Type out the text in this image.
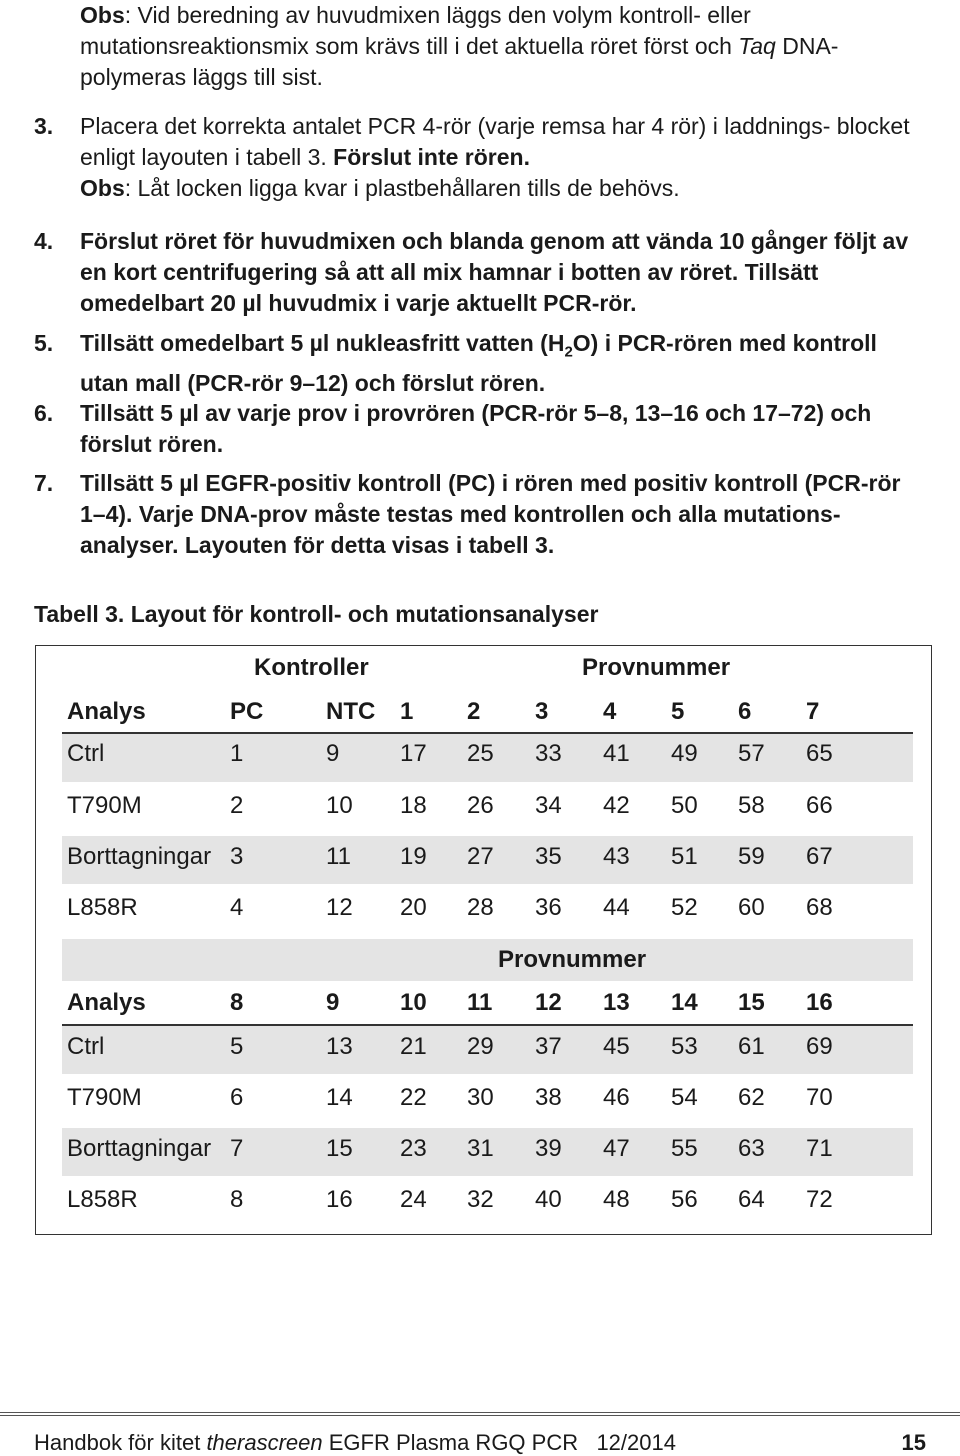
Obs: Vid beredning av huvudmixen läggs den volym kontroll- eller mutationsreaktionsmix som krävs till i det aktuella röret först och Taq DNA-polymeras läggs till sist.
3. Placera det korrekta antalet PCR 4-rör (varje remsa har 4 rör) i laddnings- blocket enligt layouten i tabell 3. Förslut inte rören.
Obs: Låt locken ligga kvar i plastbehållaren tills de behövs.
4. Förslut röret för huvudmixen och blanda genom att vända 10 gånger följt av en kort centrifugering så att all mix hamnar i botten av röret. Tillsätt omedelbart 20 µl huvudmix i varje aktuellt PCR-rör.
5. Tillsätt omedelbart 5 µl nukleasfritt vatten $(H_2O)$ i PCR-rören med kontroll utan mall (PCR-rör 9–12) och förslut rören.
6. Tillsätt 5 µl av varje prov i provrören (PCR-rör 5–8, 13–16 och 17–72) och förslut rören.
7. Tillsätt 5 µl EGFR-positiv kontroll (PC) i rören med positiv kontroll (PCR-rör 1–4). Varje DNA-prov måste testas med kontrollen och alla mutations- analyser. Layouten för detta visas i tabell 3.
Tabell 3. Layout för kontroll- och mutationsanalyser
Kontroller	Provnummer
Analys	PC	NTC 1 2 3 4 5 6 7
Ctrl	1	9	17 25 33 41 49 57 65
T790M	2	10 18 26 34 42 50 58 66
Borttagningar 3	11 19 27 35 43 51 59 67
L858R	4	12 20 28 36 44 52 60 68
Provnummer
Analys	8	9	10 11 12 13 14 15 16
Ctrl	5	13 21 29 37 45 53 61 69
T790M	6	14 22 30 38 46 54 62 70
Borttagningar 7	15 23 31 39 47 55 63 71
L858R	8	16 24 32 40 48 56 64 72
Handbok för kitet therascreen EGFR Plasma RGQ PCR   12/2014	15
